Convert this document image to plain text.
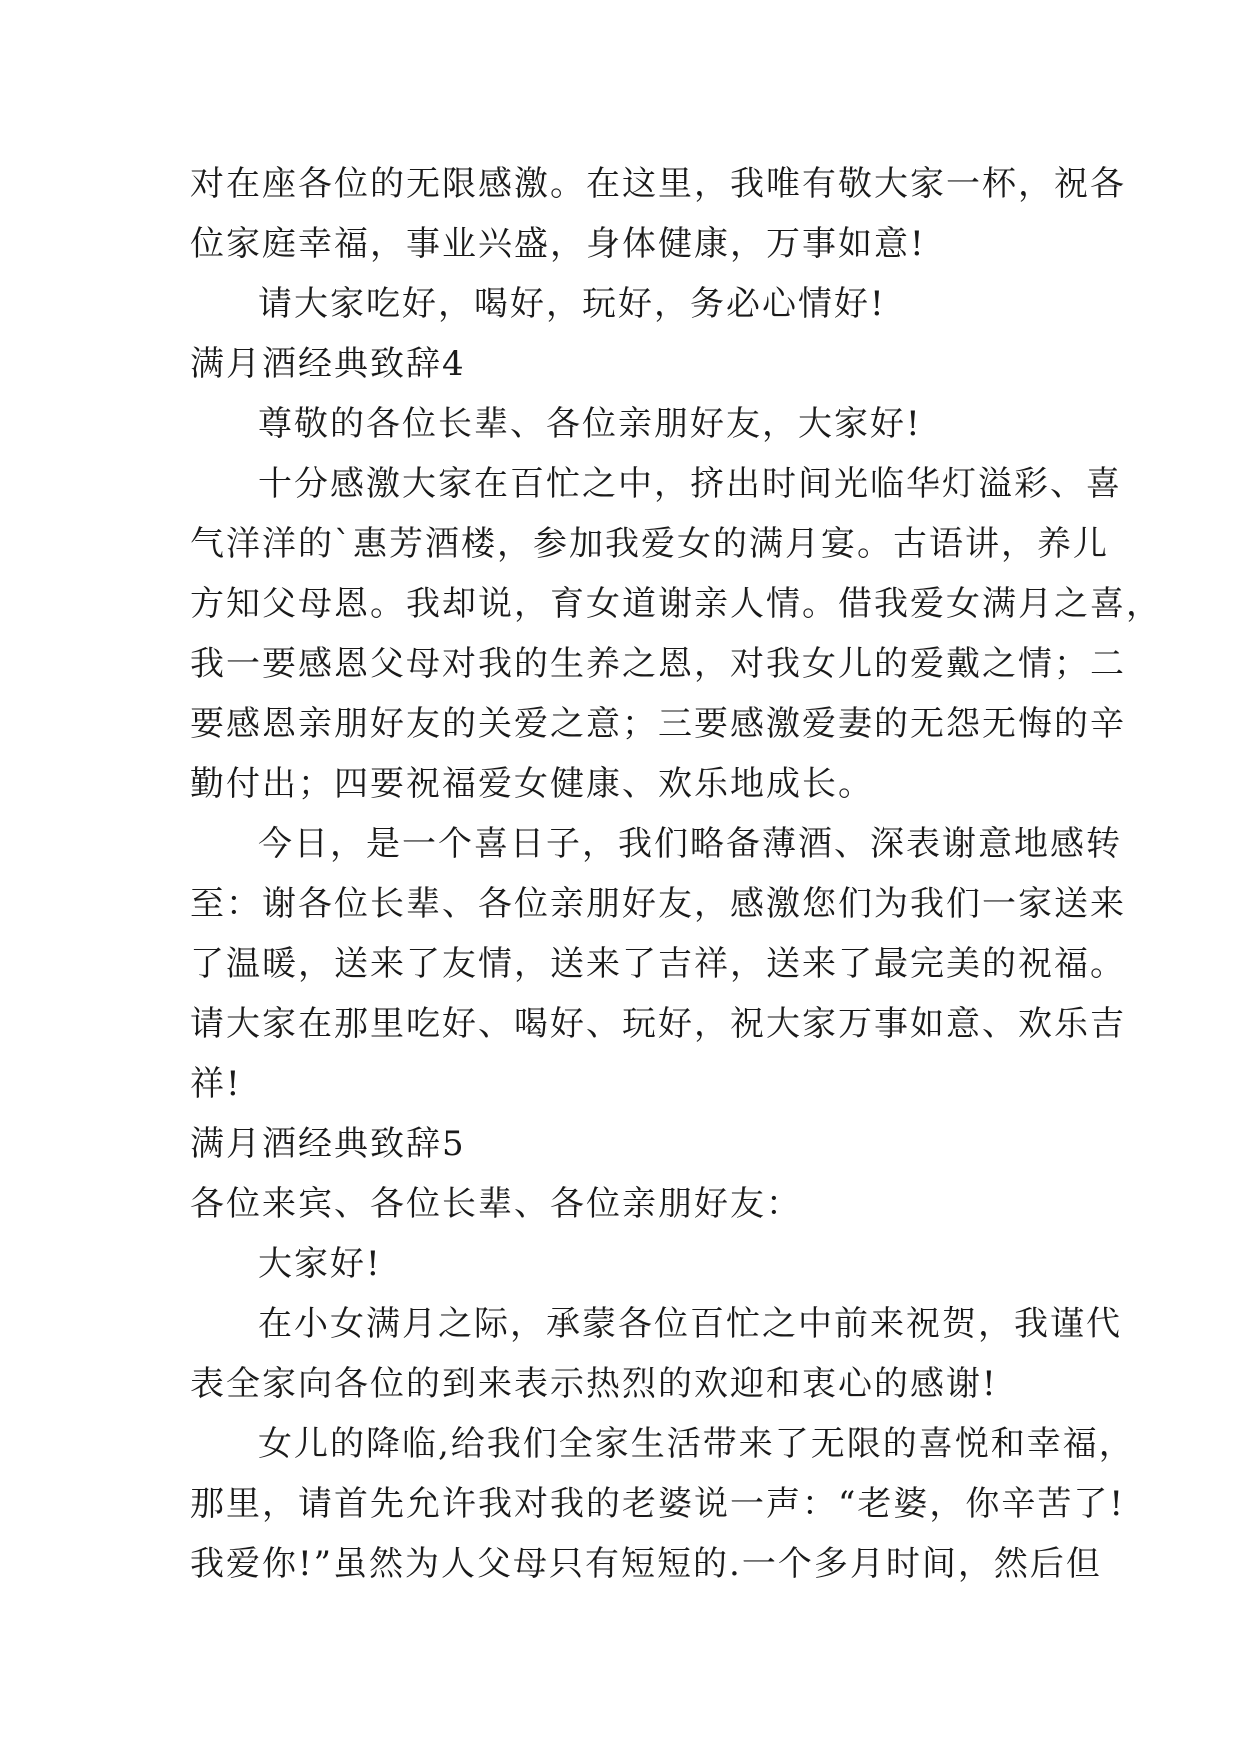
对在座各位的无限感激。在这里，我唯有敬大家一杯，祝各
位家庭幸福，事业兴盛，身体健康，万事如意!
请大家吃好，喝好，玩好，务必心情好!
满月酒经典致辞4
尊敬的各位长辈、各位亲朋好友，大家好!
十分感激大家在百忙之中，挤出时间光临华灯溢彩、喜
气洋洋的`惠芳酒楼，参加我爱女的满月宴。古语讲，养儿
方知父母恩。我却说，育女道谢亲人情。借我爱女满月之喜，
我一要感恩父母对我的生养之恩，对我女儿的爱戴之情；二
要感恩亲朋好友的关爱之意；三要感激爱妻的无怨无悔的辛
勤付出；四要祝福爱女健康、欢乐地成长。
今日，是一个喜日子，我们略备薄酒、深表谢意地感转
至：谢各位长辈、各位亲朋好友，感激您们为我们一家送来
了温暖，送来了友情，送来了吉祥，送来了最完美的祝福。
请大家在那里吃好、喝好、玩好，祝大家万事如意、欢乐吉
祥!
满月酒经典致辞5
各位来宾、各位长辈、各位亲朋好友：
大家好!
在小女满月之际，承蒙各位百忙之中前来祝贺，我谨代
表全家向各位的到来表示热烈的欢迎和衷心的感谢!
女儿的降临,给我们全家生活带来了无限的喜悦和幸福，
那里，请首先允许我对我的老婆说一声：“老婆，你辛苦了!
我爱你!”虽然为人父母只有短短的.一个多月时间，然后但
